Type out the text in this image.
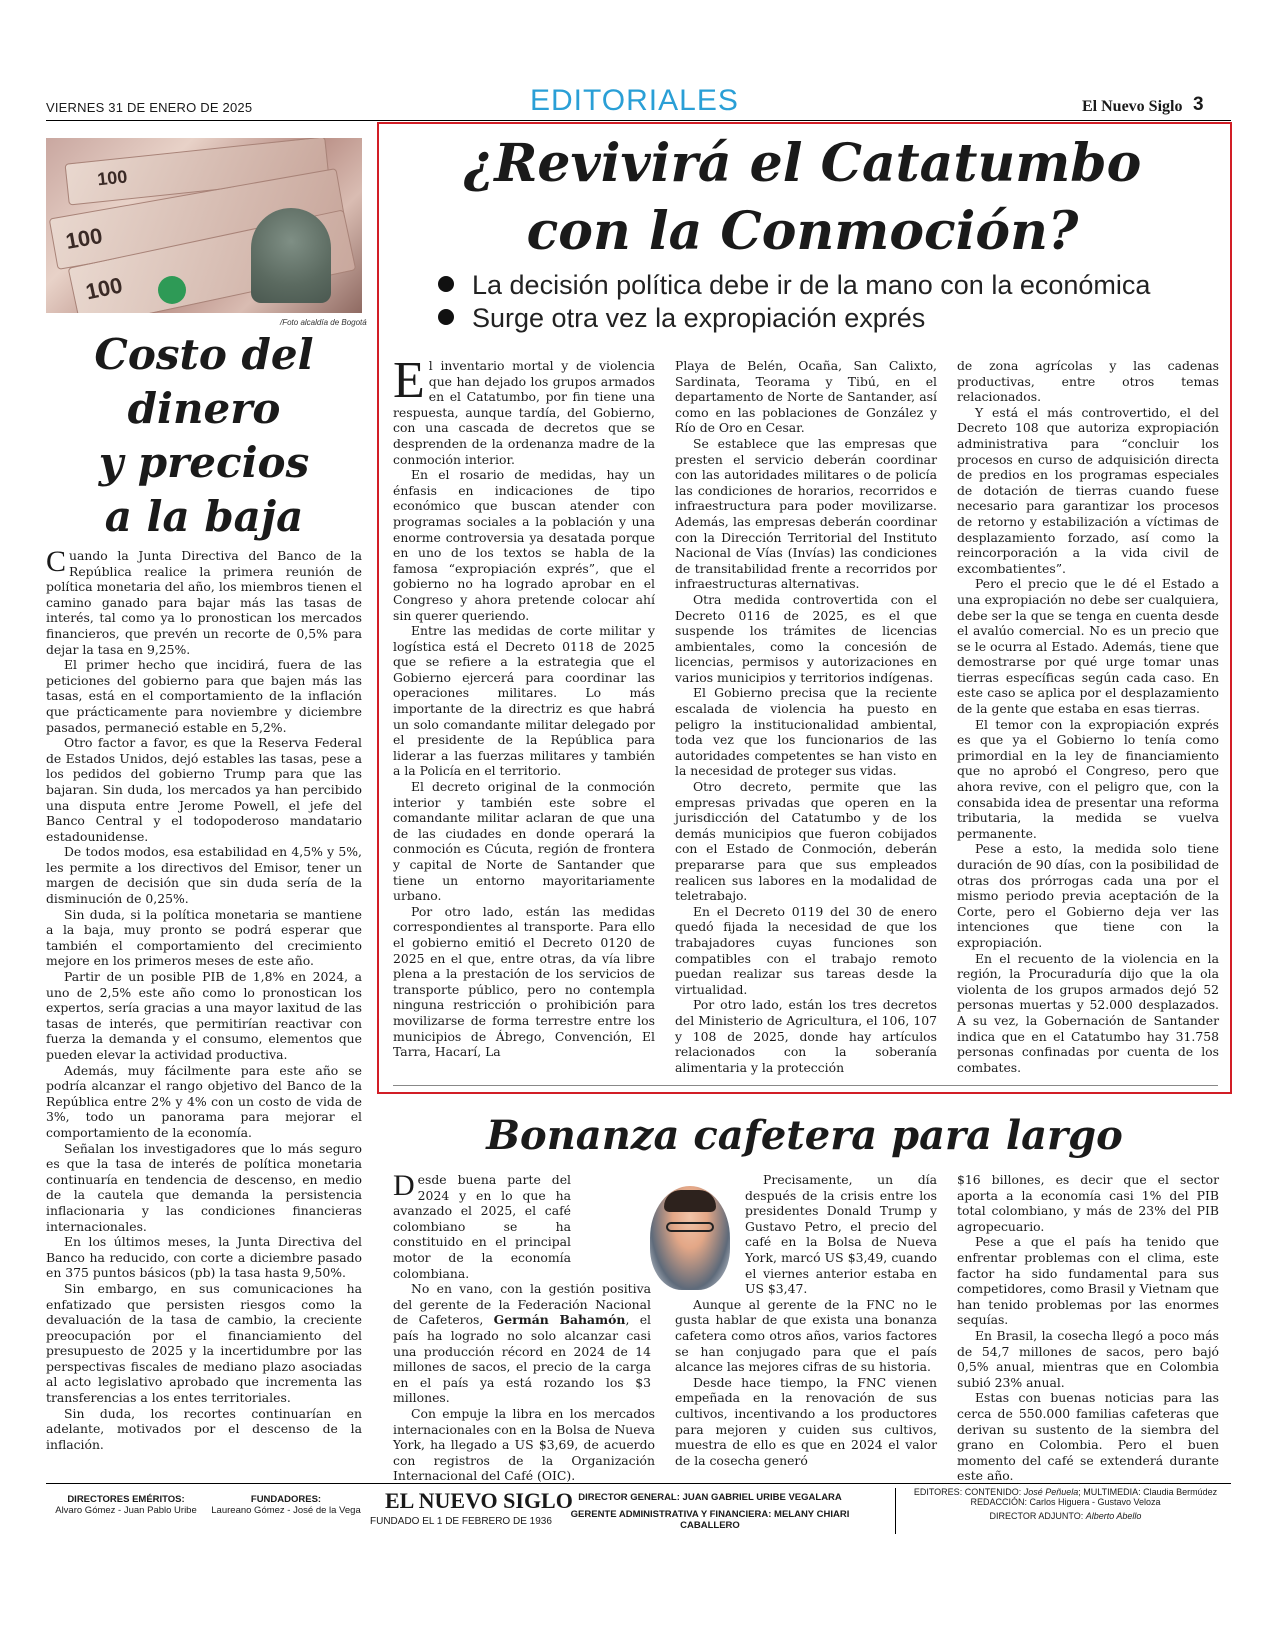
VIERNES 31 DE ENERO DE 2025	EDITORIALES	El Nuevo Siglo 3
100
100
100
/Foto alcaldía de Bogotá
Costo del
dinero
y precios
a la baja

Cuando la Junta Directiva del Banco de la República realice la primera reunión de política monetaria del año, los miembros tienen el camino ganado para bajar más las tasas de interés, tal como ya lo pronostican los mercados financieros, que prevén un recorte de 0,5% para dejar la tasa en 9,25%.

El primer hecho que incidirá, fuera de las peticiones del gobierno para que bajen más las tasas, está en el comportamiento de la inflación que prácticamente para noviembre y diciembre pasados, permaneció estable en 5,2%.

Otro factor a favor, es que la Reserva Federal de Estados Unidos, dejó estables las tasas, pese a los pedidos del gobierno Trump para que las bajaran. Sin duda, los mercados ya han percibido una disputa entre Jerome Powell, el jefe del Banco Central y el todopoderoso mandatario estadounidense.

De todos modos, esa estabilidad en 4,5% y 5%, les permite a los directivos del Emisor, tener un margen de decisión que sin duda sería de la disminución de 0,25%.

Sin duda, si la política monetaria se mantiene a la baja, muy pronto se podrá esperar que también el comportamiento del crecimiento mejore en los primeros meses de este año.

Partir de un posible PIB de 1,8% en 2024, a uno de 2,5% este año como lo pronostican los expertos, sería gracias a una mayor laxitud de las tasas de interés, que permitirían reactivar con fuerza la demanda y el consumo, elementos que pueden elevar la actividad productiva.

Además, muy fácilmente para este año se podría alcanzar el rango objetivo del Banco de la República entre 2% y 4% con un costo de vida de 3%, todo un panorama para mejorar el comportamiento de la economía.

Señalan los investigadores que lo más seguro es que la tasa de interés de política monetaria continuaría en tendencia de descenso, en medio de la cautela que demanda la persistencia inflacionaria y las condiciones financieras internacionales.

En los últimos meses, la Junta Directiva del Banco ha reducido, con corte a diciembre pasado en 375 puntos básicos (pb) la tasa hasta 9,50%.

Sin embargo, en sus comunicaciones ha enfatizado que persisten riesgos como la devaluación de la tasa de cambio, la creciente preocupación por el financiamiento del presupuesto de 2025 y la incertidumbre por las perspectivas fiscales de mediano plazo asociadas al acto legislativo aprobado que incrementa las transferencias a los entes territoriales.

Sin duda, los recortes continuarían en adelante, motivados por el descenso de la inflación.

¿Revivirá el Catatumbo
con la Conmoción?
La decisión política debe ir de la mano con la económica
Surge otra vez la expropiación exprés

El inventario mortal y de violencia que han dejado los grupos armados en el Catatumbo, por fin tiene una respuesta, aunque tardía, del Gobierno, con una cascada de decretos que se desprenden de la ordenanza madre de la conmoción interior.

En el rosario de medidas, hay un énfasis en indicaciones de tipo económico que buscan atender con programas sociales a la población y una enorme controversia ya desatada porque en uno de los textos se habla de la famosa “expropiación exprés”, que el gobierno no ha logrado aprobar en el Congreso y ahora pretende colocar ahí sin querer queriendo.

Entre las medidas de corte militar y logística está el Decreto 0118 de 2025 que se refiere a la estrategia que el Gobierno ejercerá para coordinar las operaciones militares. Lo más importante de la directriz es que habrá un solo comandante militar delegado por el presidente de la República para liderar a las fuerzas militares y también a la Policía en el territorio.

El decreto original de la conmoción interior y también este sobre el comandante militar aclaran de que una de las ciudades en donde operará la conmoción es Cúcuta, región de frontera y capital de Norte de Santander que tiene un entorno mayoritariamente urbano.

Por otro lado, están las medidas correspondientes al transporte. Para ello el gobierno emitió el Decreto 0120 de 2025 en el que, entre otras, da vía libre plena a la prestación de los servicios de transporte público, pero no contempla ninguna restricción o prohibición para movilizarse de forma terrestre entre los municipios de Ábrego, Convención, El Tarra, Hacarí, La

Playa de Belén, Ocaña, San Calixto, Sardinata, Teorama y Tibú, en el departamento de Norte de Santander, así como en las poblaciones de González y Río de Oro en Cesar.

Se establece que las empresas que presten el servicio deberán coordinar con las autoridades militares o de policía las condiciones de horarios, recorridos e infraestructura para poder movilizarse. Además, las empresas deberán coordinar con la Dirección Territorial del Instituto Nacional de Vías (Invías) las condiciones de transitabilidad frente a recorridos por infraestructuras alternativas.

Otra medida controvertida con el Decreto 0116 de 2025, es el que suspende los trámites de licencias ambientales, como la concesión de licencias, permisos y autorizaciones en varios municipios y territorios indígenas.

El Gobierno precisa que la reciente escalada de violencia ha puesto en peligro la institucionalidad ambiental, toda vez que los funcionarios de las autoridades competentes se han visto en la necesidad de proteger sus vidas.

Otro decreto, permite que las empresas privadas que operen en la jurisdicción del Catatumbo y de los demás municipios que fueron cobijados con el Estado de Conmoción, deberán prepararse para que sus empleados realicen sus labores en la modalidad de teletrabajo.

En el Decreto 0119 del 30 de enero quedó fijada la necesidad de que los trabajadores cuyas funciones son compatibles con el trabajo remoto puedan realizar sus tareas desde la virtualidad.

Por otro lado, están los tres decretos del Ministerio de Agricultura, el 106, 107 y 108 de 2025, donde hay artículos relacionados con la soberanía alimentaria y la protección

de zona agrícolas y las cadenas productivas, entre otros temas relacionados.

Y está el más controvertido, el del Decreto 108 que autoriza expropiación administrativa para “concluir los procesos en curso de adquisición directa de predios en los programas especiales de dotación de tierras cuando fuese necesario para garantizar los procesos de retorno y estabilización a víctimas de desplazamiento forzado, así como la reincorporación a la vida civil de excombatientes”.

Pero el precio que le dé el Estado a una expropiación no debe ser cualquiera, debe ser la que se tenga en cuenta desde el avalúo comercial. No es un precio que se le ocurra al Estado. Además, tiene que demostrarse por qué urge tomar unas tierras específicas según cada caso. En este caso se aplica por el desplazamiento de la gente que estaba en esas tierras.

El temor con la expropiación exprés es que ya el Gobierno lo tenía como primordial en la ley de financiamiento que no aprobó el Congreso, pero que ahora revive, con el peligro que, con la consabida idea de presentar una reforma tributaria, la medida se vuelva permanente.

Pese a esto, la medida solo tiene duración de 90 días, con la posibilidad de otras dos prórrogas cada una por el mismo periodo previa aceptación de la Corte, pero el Gobierno deja ver las intenciones que tiene con la expropiación.

En el recuento de la violencia en la región, la Procuraduría dijo que la ola violenta de los grupos armados dejó 52 personas muertas y 52.000 desplazados. A su vez, la Gobernación de Santander indica que en el Catatumbo hay 31.758 personas confinadas por cuenta de los combates.

Bonanza cafetera para largo

D esde buena parte del 2024 y en lo que ha avanzado el 2025, el café colombiano se ha constituido en el principal motor de la economía colombiana.

No en vano, con la gestión positiva del gerente de la Federación Nacional de Cafeteros, Germán Bahamón, el país ha logrado no solo alcanzar casi una producción récord en 2024 de 14 millones de sacos, el precio de la carga en el país ya está rozando los $3 millones.

Con empuje la libra en los mercados internacionales con en la Bolsa de Nueva York, ha llegado a US $3,69, de acuerdo con registros de la Organización Internacional del Café (OIC).

Precisamente, un día después de la crisis entre los presidentes Donald Trump y Gustavo Petro, el precio del café en la Bolsa de Nueva York, marcó US $3,49, cuando el viernes anterior estaba en US $3,47.

Aunque al gerente de la FNC no le gusta hablar de que exista una bonanza cafetera como otros años, varios factores se han conjugado para que el país alcance las mejores cifras de su historia.

Desde hace tiempo, la FNC vienen empeñada en la renovación de sus cultivos, incentivando a los productores para mejoren y cuiden sus cultivos, muestra de ello es que en 2024 el valor de la cosecha generó

$16 billones, es decir que el sector aporta a la economía casi 1% del PIB total colombiano, y más de 23% del PIB agropecuario.

Pese a que el país ha tenido que enfrentar problemas con el clima, este factor ha sido fundamental para sus competidores, como Brasil y Vietnam que han tenido problemas por las enormes sequías.

En Brasil, la cosecha llegó a poco más de 54,7 millones de sacos, pero bajó 0,5% anual, mientras que en Colombia subió 23% anual.

Estas con buenas noticias para las cerca de 550.000 familias cafeteras que derivan su sustento de la siembra del grano en Colombia. Pero el buen momento del café se extenderá durante este año.

DIRECTORES EMÉRITOS:
Alvaro Gómez - Juan Pablo Uribe
FUNDADORES:
Laureano Gómez - José de la Vega EL NUEVO SIGLO
FUNDADO EL 1 DE FEBRERO DE 1936
DIRECTOR GENERAL: JUAN GABRIEL URIBE VEGALARA
GERENTE ADMINISTRATIVA Y FINANCIERA: MELANY CHIARI CABALLERO
EDITORES: CONTENIDO: José Peñuela; MULTIMEDIA: Claudia Bermúdez
REDACCIÓN: Carlos Higuera - Gustavo Veloza
DIRECTOR ADJUNTO: Alberto Abello
